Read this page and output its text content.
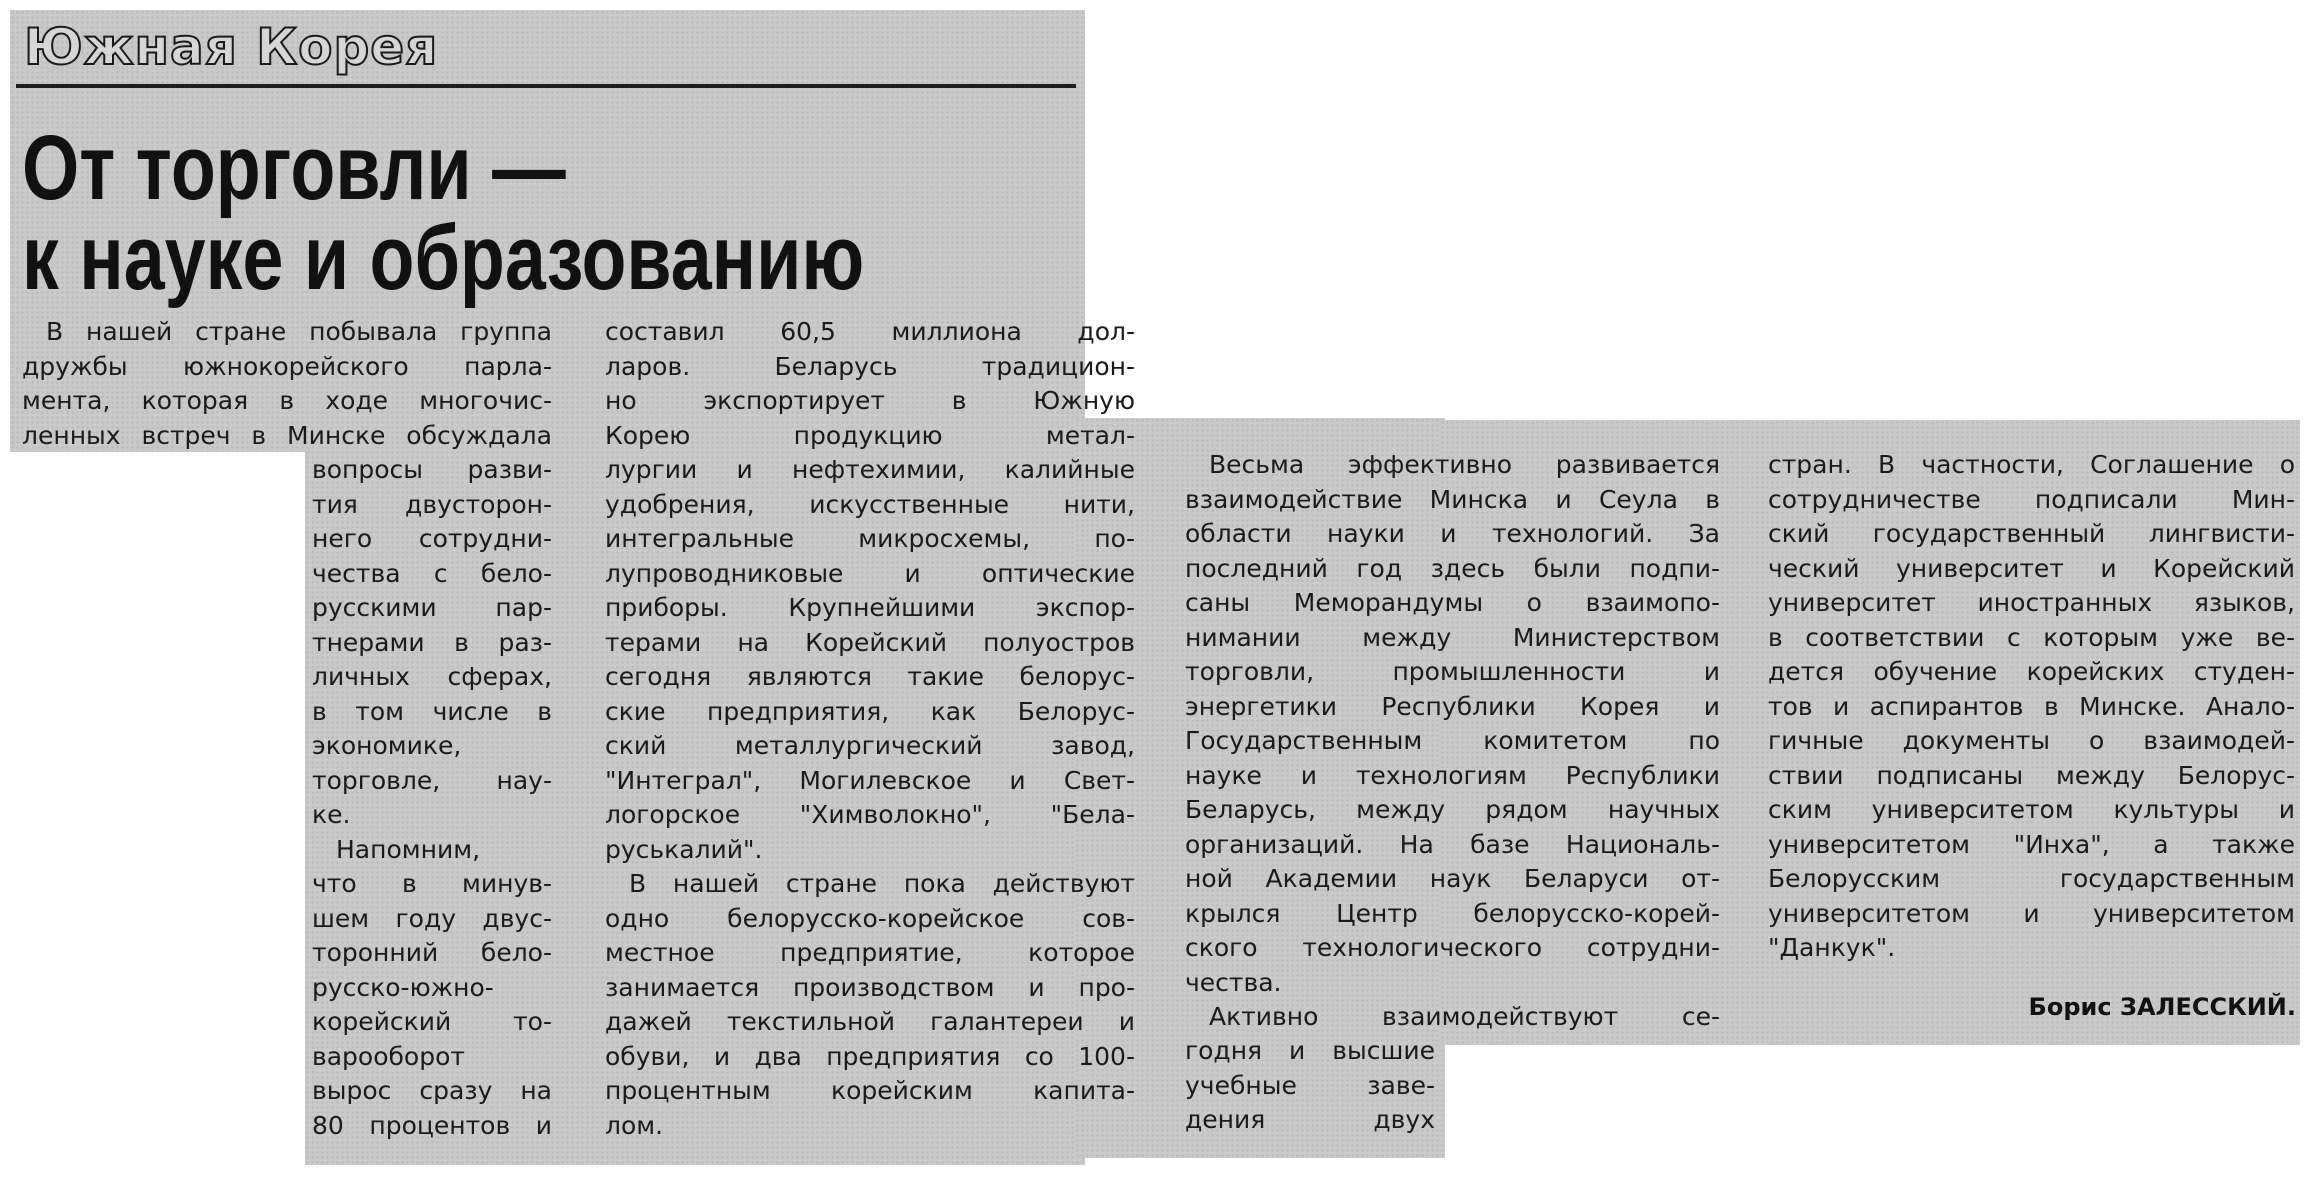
Южная Корея
От торговли —
к науке и образованию
В нашей стране побывала группа
дружбы южнокорейского парла-
мента, которая в ходе многочис-
ленных встреч в Минске обсуждала
вопросы разви-
тия двусторон-
него сотрудни-
чества с бело-
русскими пар-
тнерами в раз-
личных сферах,
в том числе в
экономике,
торговле, нау-
ке.
Напомним,
что в минув-
шем году двус-
торонний бело-
русско-южно-
корейский то-
варооборот
вырос сразу на
80 процентов и
составил 60,5 миллиона дол-
ларов. Беларусь традицион-
но экспортирует в Южную
Корею продукцию метал-
лургии и нефтехимии, калийные
удобрения, искусственные нити,
интегральные микросхемы, по-
лупроводниковые и оптические
приборы. Крупнейшими экспор-
терами на Корейский полуостров
сегодня являются такие белорус-
ские предприятия, как Белорус-
ский металлургический завод,
"Интеграл", Могилевское и Свет-
логорское "Химволокно", "Бела-
руськалий".
В нашей стране пока действуют
одно белорусско-корейское сов-
местное предприятие, которое
занимается производством и про-
дажей текстильной галантереи и
обуви, и два предприятия со 100-
процентным корейским капита-
лом.
Весьма эффективно развивается
взаимодействие Минска и Сеула в
области науки и технологий. За
последний год здесь были подпи-
саны Меморандумы о взаимопо-
нимании между Министерством
торговли, промышленности и
энергетики Республики Корея и
Государственным комитетом по
науке и технологиям Республики
Беларусь, между рядом научных
организаций. На базе Националь-
ной Академии наук Беларуси от-
крылся Центр белорусско-корей-
ского технологического сотрудни-
чества.
Активно взаимодействуют се-
годня и высшие
учебные заве-
дения двух
стран. В частности, Соглашение о
сотрудничестве подписали Мин-
ский государственный лингвисти-
ческий университет и Корейский
университет иностранных языков,
в соответствии с которым уже ве-
дется обучение корейских студен-
тов и аспирантов в Минске. Анало-
гичные документы о взаимодей-
ствии подписаны между Белорус-
ским университетом культуры и
университетом "Инха", а также
Белорусским государственным
университетом и университетом
"Данкук".
Борис ЗАЛЕССКИЙ.
